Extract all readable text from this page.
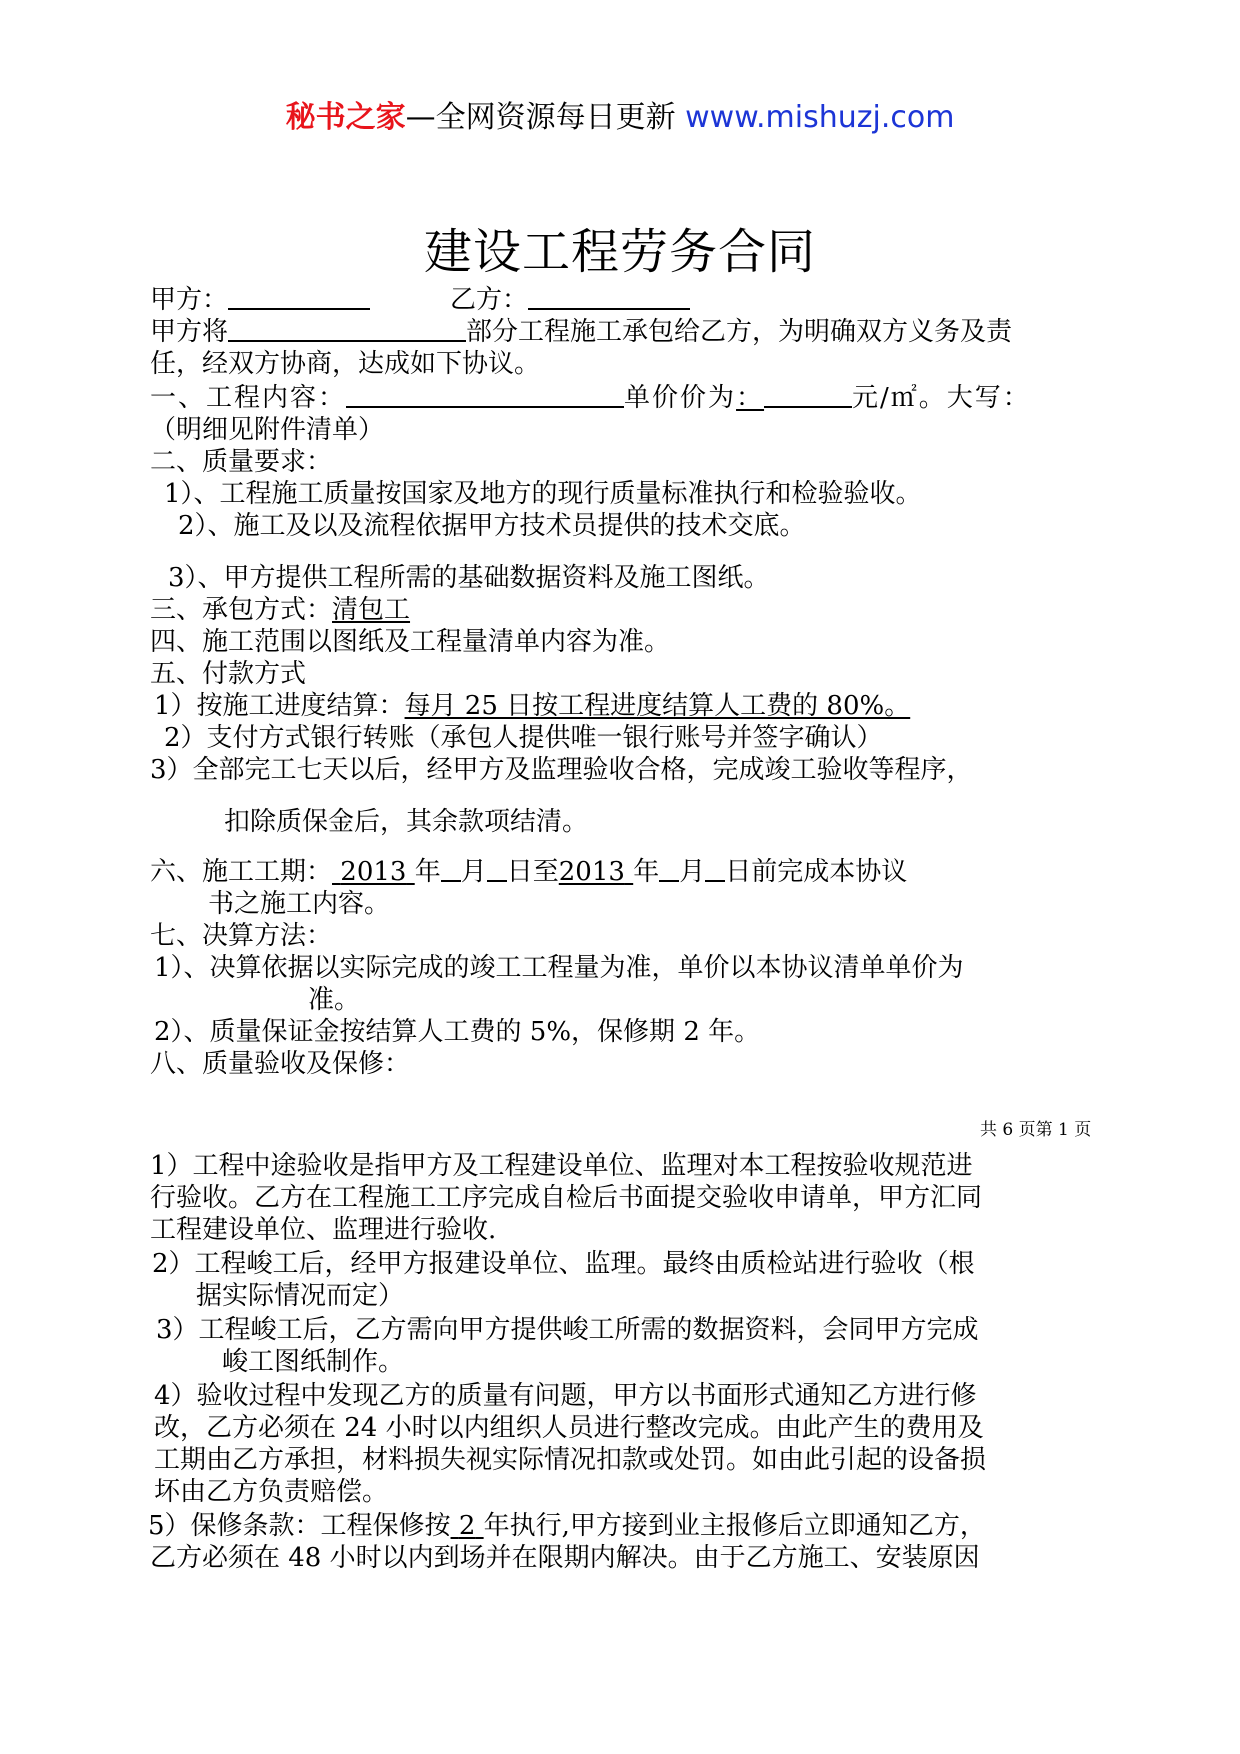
秘书之家—全网资源每日更新 www.mishuzj.com
建设工程劳务合同
甲方：	乙方：
甲方将	部分工程施工承包给乙方，为明确双方义务及责
任，经双方协商，达成如下协议。
一、工程内容：	单价价为：	元/㎡。大写：
（明细见附件清单）
二、质量要求：
1）、工程施工质量按国家及地方的现行质量标准执行和检验验收。
2）、施工及以及流程依据甲方技术员提供的技术交底。
3）、甲方提供工程所需的基础数据资料及施工图纸。
三、承包方式：清包工
四、施工范围以图纸及工程量清单内容为准。
五、付款方式
1）按施工进度结算：每月 25 日按工程进度结算人工费的 80%。
2）支付方式银行转账（承包人提供唯一银行账号并签字确认）
3）全部完工七天以后，经甲方及监理验收合格，完成竣工验收等程序，
扣除质保金后，其余款项结清。
六、施工工期： 2013 年 月 日至2013 年 月 日前完成本协议
书之施工内容。
七、决算方法：
1）、决算依据以实际完成的竣工工程量为准，单价以本协议清单单价为
准。
2）、质量保证金按结算人工费的 5%，保修期 2 年。
八、质量验收及保修：
共 6 页第 1 页
1）工程中途验收是指甲方及工程建设单位、监理对本工程按验收规范进
行验收。乙方在工程施工工序完成自检后书面提交验收申请单，甲方汇同
工程建设单位、监理进行验收.
2）工程峻工后，经甲方报建设单位、监理。最终由质检站进行验收（根
据实际情况而定）
3）工程峻工后，乙方需向甲方提供峻工所需的数据资料，会同甲方完成
峻工图纸制作。
4）验收过程中发现乙方的质量有问题，甲方以书面形式通知乙方进行修
改，乙方必须在 24 小时以内组织人员进行整改完成。由此产生的费用及
工期由乙方承担，材料损失视实际情况扣款或处罚。如由此引起的设备损
坏由乙方负责赔偿。
5）保修条款：工程保修按 2 年执行,甲方接到业主报修后立即通知乙方，
乙方必须在 48 小时以内到场并在限期内解决。由于乙方施工、安装原因
